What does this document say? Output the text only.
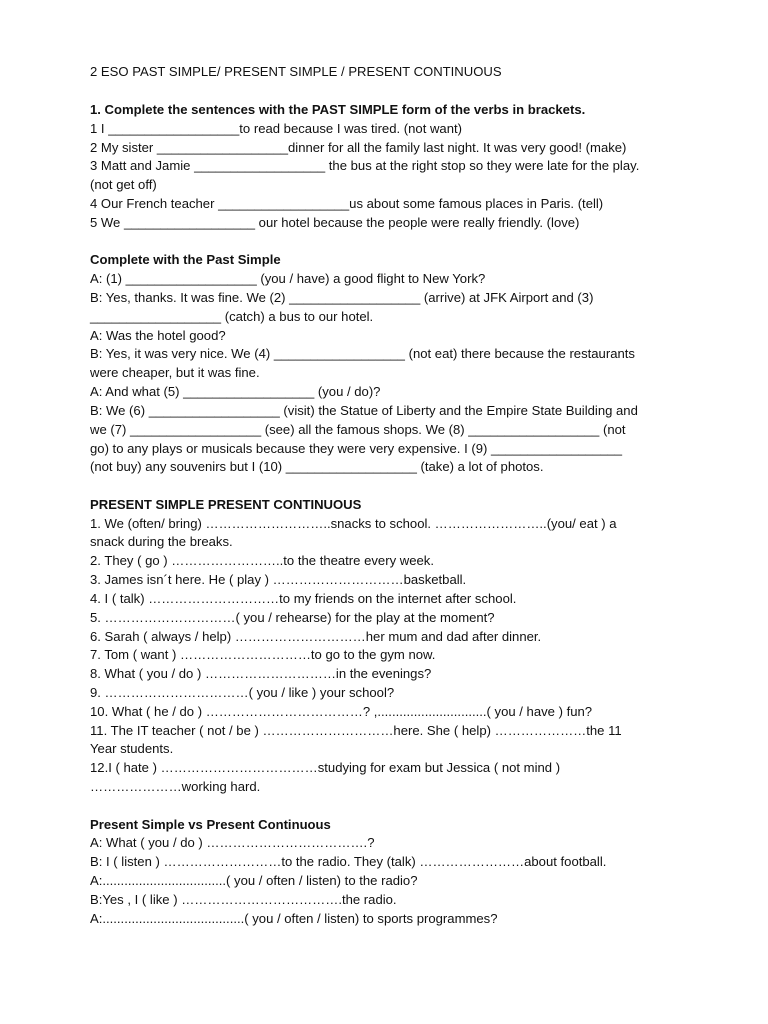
2 ESO PAST SIMPLE/ PRESENT SIMPLE / PRESENT CONTINUOUS
1. Complete the sentences with the PAST SIMPLE form of the verbs in brackets.
1 I __________________to read because I was tired. (not want)
2 My sister __________________dinner for all the family last night. It was very good! (make)
3 Matt and Jamie __________________ the bus at the right stop so they were late for the play.
(not get off)
4 Our French teacher __________________us about some famous places in Paris. (tell)
5 We __________________ our hotel because the people were really friendly. (love)
Complete with the Past Simple
A: (1) __________________ (you / have) a good flight to New York?
B: Yes, thanks. It was fine. We (2) __________________ (arrive) at JFK Airport and (3)
__________________ (catch) a bus to our hotel.
A: Was the hotel good?
B: Yes, it was very nice. We (4) __________________ (not eat) there because the restaurants
were cheaper, but it was fine.
A: And what (5) __________________ (you / do)?
B: We (6) __________________ (visit) the Statue of Liberty and the Empire State Building and
we (7) __________________ (see) all the famous shops. We (8) __________________ (not
go) to any plays or musicals because they were very expensive. I (9) __________________
(not buy) any souvenirs but I (10) __________________ (take) a lot of photos.
PRESENT SIMPLE PRESENT CONTINUOUS
1. We (often/ bring) ………………………..snacks to school. ……………………..(you/ eat ) a
snack during the breaks.
2. They ( go ) ……………………..to the theatre every week.
3. James isn´t here. He ( play ) …………………………basketball.
4. I ( talk) …………………………to my friends on the internet after school.
5. …………………………( you / rehearse) for the play at the moment?
6. Sarah ( always / help) …………………………her mum and dad after dinner.
7. Tom ( want ) …………………………to go to the gym now.
8. What ( you / do ) …………………………in the evenings?
9. ……………………………( you / like ) your school?
10. What ( he / do ) ………………………………? ,..............................( you / have ) fun?
11. The IT teacher ( not / be ) …………………………here. She ( help) …………………the 11
Year students.
12.I ( hate ) ………………………………studying for exam but Jessica ( not mind )
…………………working hard.
Present Simple vs Present Continuous
A: What ( you / do ) ……………………………….?
B: I ( listen ) ………………………to the radio. They (talk) ……………………about football.
A:..................................( you / often / listen) to the radio?
B:Yes , I ( like ) ……………………………….the radio.
A:.......................................( you / often / listen) to sports programmes?
